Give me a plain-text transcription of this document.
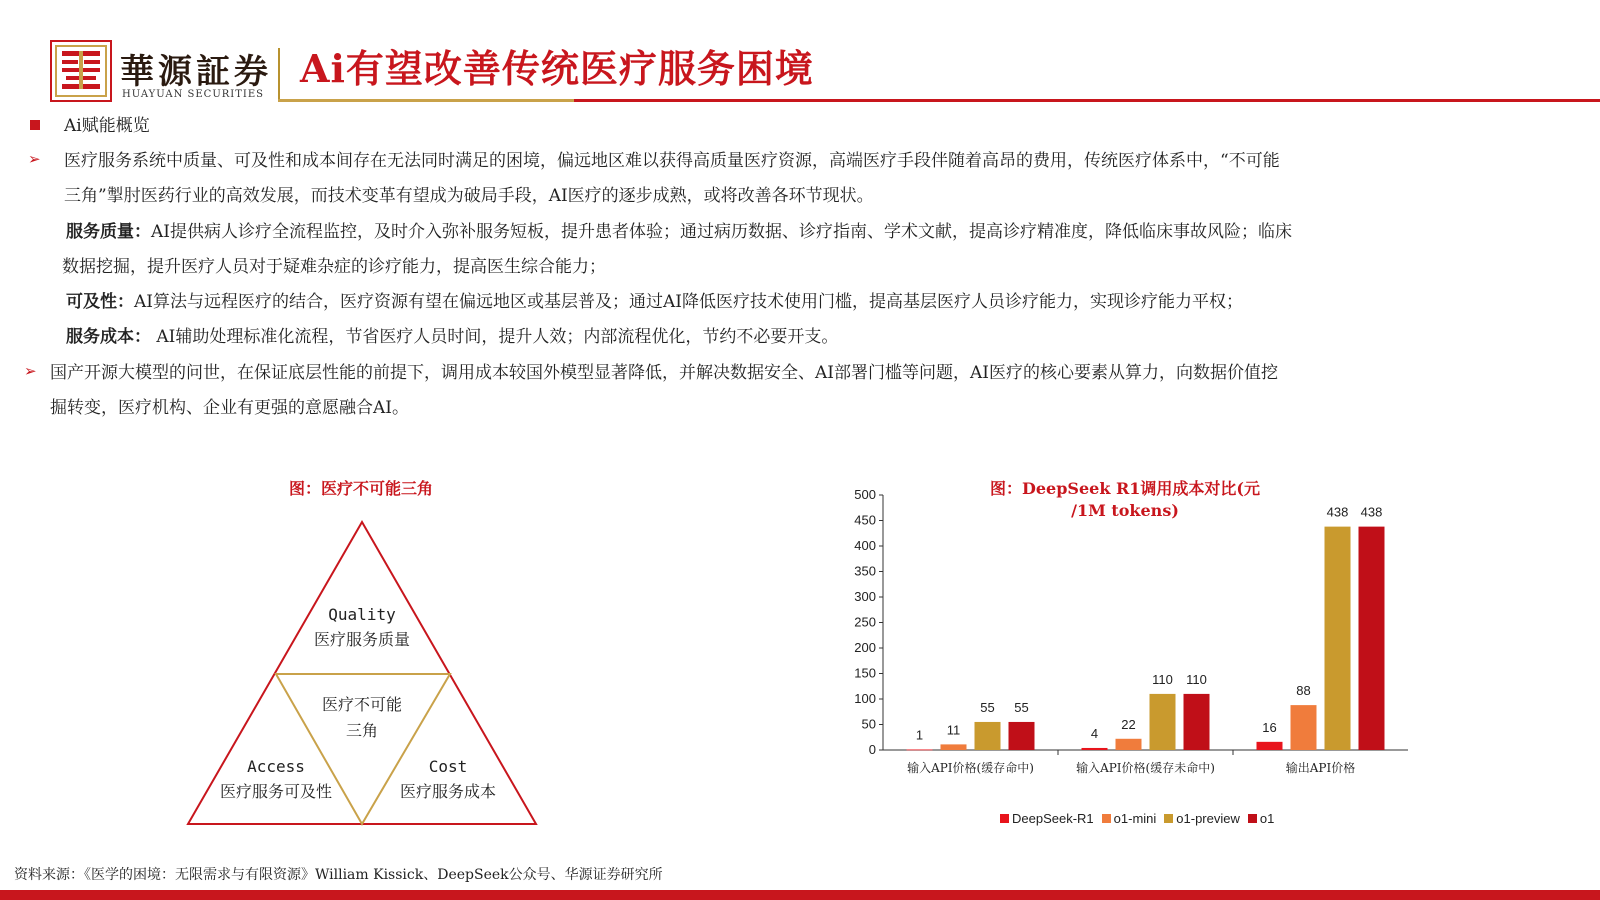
華源証券
HUAYUAN SECURITIES
Ai有望改善传统医疗服务困境
Ai赋能概览
➢ 医疗服务系统中质量、可及性和成本间存在无法同时满足的困境，偏远地区难以获得高质量医疗资源，高端医疗手段伴随着高昂的费用，传统医疗体系中，“不可能
三角”掣肘医药行业的高效发展，而技术变革有望成为破局手段，AI医疗的逐步成熟，或将改善各环节现状。
服务质量：AI提供病人诊疗全流程监控，及时介入弥补服务短板，提升患者体验；通过病历数据、诊疗指南、学术文献，提高诊疗精准度，降低临床事故风险；临床
数据挖掘，提升医疗人员对于疑难杂症的诊疗能力，提高医生综合能力；
可及性：AI算法与远程医疗的结合，医疗资源有望在偏远地区或基层普及；通过AI降低医疗技术使用门槛，提高基层医疗人员诊疗能力，实现诊疗能力平权；
服务成本： AI辅助处理标准化流程，节省医疗人员时间，提升人效；内部流程优化，节约不必要开支。
➢ 国产开源大模型的问世，在保证底层性能的前提下，调用成本较国外模型显著降低，并解决数据安全、AI部署门槛等问题，AI医疗的核心要素从算力，向数据价值挖
掘转变，医疗机构、企业有更强的意愿融合AI。
图：医疗不可能三角
Quality
医疗服务质量
医疗不可能
三角
Access
医疗服务可及性
Cost
医疗服务成本
图：DeepSeek R1调用成本对比(元
/1M tokens)
0
50
100
150
200
250
300
350
400
450
500
输入API价格(缓存命中)	输入API价格(缓存未命中)	输出API价格
1 11
55 55
4
22
110 110
16
88
438 438
DeepSeek-R1 o1-mini o1-preview o1
资料来源：《医学的困境：无限需求与有限资源》William Kissick、DeepSeek公众号、华源证券研究所
